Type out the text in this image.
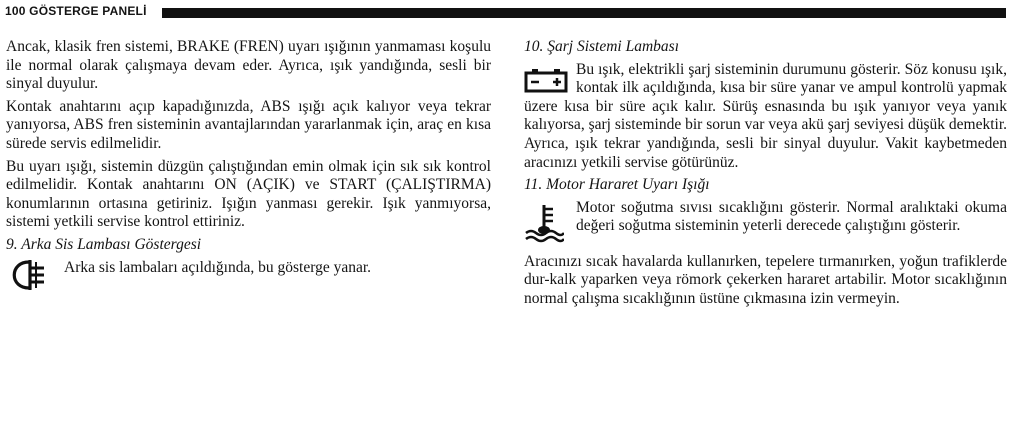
100 GÖSTERGE PANELİ

Ancak, klasik fren sistemi, BRAKE (FREN) uyarı ışığının yanmaması koşulu ile normal olarak çalışmaya devam eder. Ayrıca, ışık yandığında, sesli bir sinyal duyulur.

Kontak anahtarını açıp kapadığınızda, ABS ışığı açık kalıyor veya tekrar yanıyorsa, ABS fren sisteminin avantajlarından yararlanmak için, araç en kısa sürede servis edilmelidir.

Bu uyarı ışığı, sistemin düzgün çalıştığından emin olmak için sık sık kontrol edilmelidir. Kontak anahtarını ON (AÇIK) ve START (ÇALIŞTIRMA) konumlarının ortasına getiriniz. Işığın yanması gerekir. Işık yanmıyorsa, sistemi yetkili servise kontrol ettiriniz.

9. Arka Sis Lambası Göstergesi
Arka sis lambaları açıldığında, bu gösterge yanar.
10. Şarj Sistemi Lambası
Bu ışık, elektrikli şarj sisteminin durumunu gösterir. Söz konusu ışık, kontak ilk açıldığında, kısa bir süre yanar ve ampul kontrolü yapmak üzere kısa bir süre açık kalır. Sürüş esnasında bu ışık yanıyor veya yanık kalıyorsa, şarj sisteminde bir sorun var veya akü şarj seviyesi düşük demektir. Ayrıca, ışık tekrar yandığında, sesli bir sinyal duyulur. Vakit kaybetmeden aracınızı yetkili servise götürünüz.
11. Motor Hararet Uyarı Işığı
Motor soğutma sıvısı sıcaklığını gösterir. Normal aralıktaki okuma değeri soğutma sisteminin yeterli derecede çalıştığını gösterir.

Aracınızı sıcak havalarda kullanırken, tepelere tırmanırken, yoğun trafiklerde dur-kalk yaparken veya römork çekerken hararet artabilir. Motor sıcaklığının normal çalışma sıcaklığının üstüne çıkmasına izin vermeyin.
